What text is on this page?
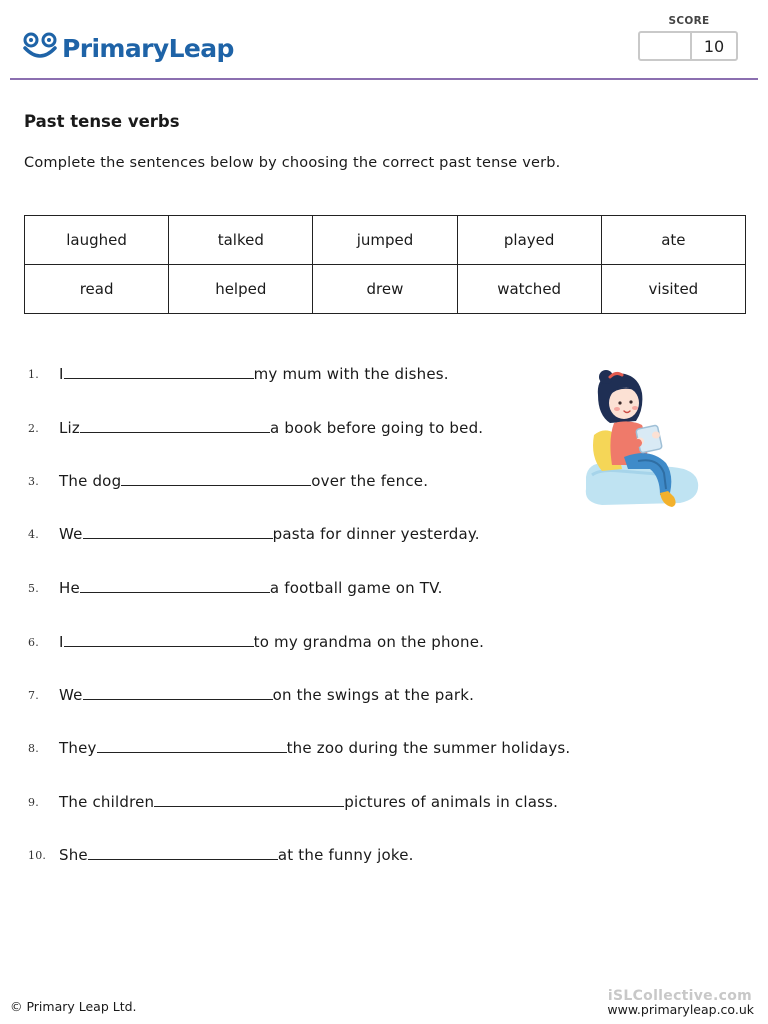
PrimaryLeap
SCORE
10
Past tense verbs
Complete the sentences below by choosing the correct past tense verb.
laughed	talked	jumped	played	ate
read	helped	drew	watched	visited
1. I	my mum with the dishes.
2. Liz	a book before going to bed.
3. The dog	over the fence.
4. We	pasta for dinner yesterday.
5. He	a football game on TV.
6. I	to my grandma on the phone.
7. We	on the swings at the park.
8. They	the zoo during the summer holidays.
9. The children	pictures of animals in class.
10. She	at the funny joke.
© Primary Leap Ltd.
iSLCollective.com
www.primaryleap.co.uk
